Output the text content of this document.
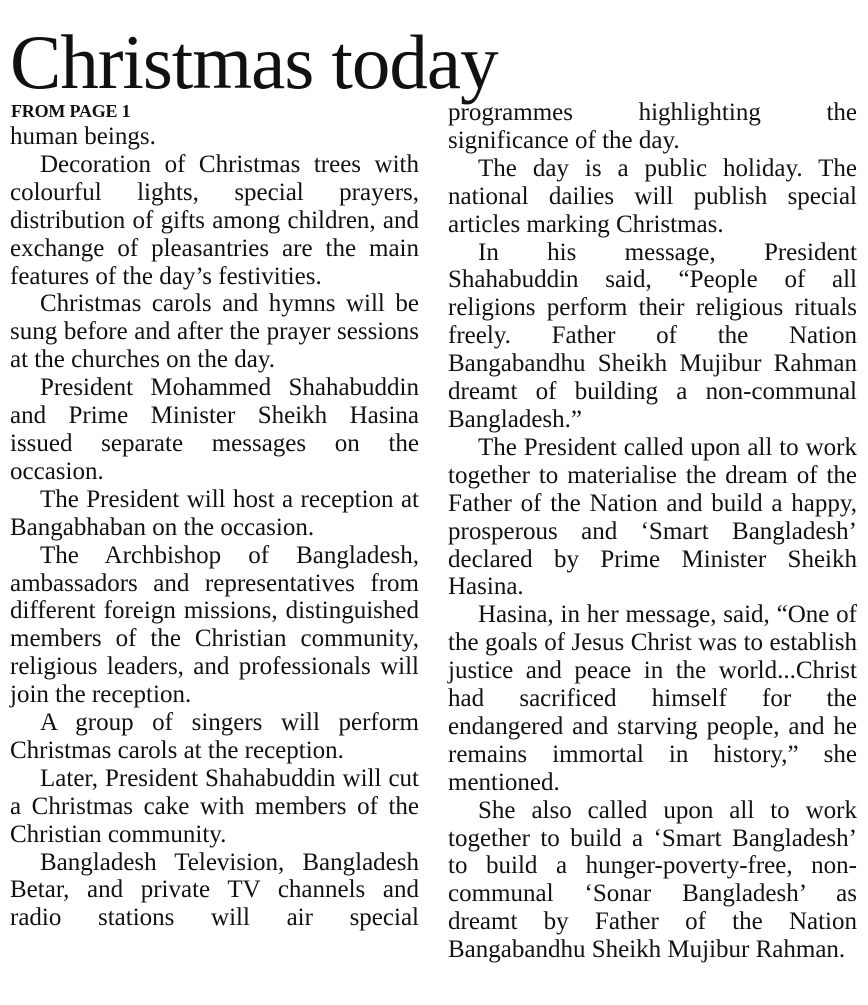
Christmas today
FROM PAGE 1

human beings.

Decoration of Christmas trees with colourful lights, special prayers, distribution of gifts among children, and exchange of pleasantries are the main features of the day’s festivities.

Christmas carols and hymns will be sung before and after the prayer sessions at the churches on the day.

President Mohammed Shahabuddin and Prime Minister Sheikh Hasina issued separate messages on the occasion.

The President will host a reception at Bangabhaban on the occasion.

The Archbishop of Bangladesh, ambassadors and representatives from different foreign missions, distinguished members of the Christian community, religious leaders, and professionals will join the reception.

A group of singers will perform Christmas carols at the reception.

Later, President Shahabuddin will cut a Christmas cake with members of the Christian community.

Bangladesh Television, Bangladesh Betar, and private TV channels and radio stations will air special

programmes highlighting the significance of the day.

The day is a public holiday. The national dailies will publish special articles marking Christmas.

In his message, President Shahabuddin said, “People of all religions perform their religious rituals freely. Father of the Nation Bangabandhu Sheikh Mujibur Rahman dreamt of building a non-communal Bangladesh.”

The President called upon all to work together to materialise the dream of the Father of the Nation and build a happy, prosperous and ‘Smart Bangladesh’ declared by Prime Minister Sheikh Hasina.

Hasina, in her message, said, “One of the goals of Jesus Christ was to establish justice and peace in the world...Christ had sacrificed himself for the endangered and starving people, and he remains immortal in history,” she mentioned.

She also called upon all to work together to build a ‘Smart Bangladesh’ to build a hunger-poverty-free, non-communal ‘Sonar Bangladesh’ as dreamt by Father of the Nation Bangabandhu Sheikh Mujibur Rahman.
